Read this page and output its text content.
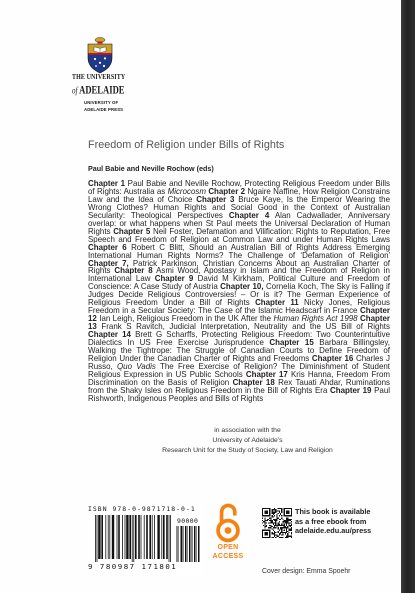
THE UNIVERSITY
of ADELAIDE
UNIVERSITY OF
ADELAIDE PRESS
Freedom of Religion under Bills of Rights
Paul Babie and Neville Rochow (eds)

Chapter 1 Paul Babie and Neville Rochow, Protecting Religious Freedom under Bills of Rights: Australia as Microcosm Chapter 2 Ngaire Naffine, How Religion Constrains Law and the Idea of Choice Chapter 3 Bruce Kaye, Is the Emperor Wearing the Wrong Clothes? Human Rights and Social Good in the Context of Australian Secularity: Theological Perspectives Chapter 4 Alan Cadwallader, Anniversary overlap: or what happens when St Paul meets the Universal Declaration of Human Rights Chapter 5 Neil Foster, Defamation and Vilification: Rights to Reputation, Free Speech and Freedom of Religion at Common Law and under Human Rights Laws Chapter 6 Robert C Blitt, Should an Australian Bill of Rights Address Emerging International Human Rights Norms? The Challenge of ‘Defamation of Religion’ Chapter 7, Patrick Parkinson, Christian Concerns About an Australian Charter of Rights Chapter 8 Asmi Wood, Apostasy in Islam and the Freedom of Religion in International Law Chapter 9 David M Kirkham, Political Culture and Freedom of Conscience: A Case Study of Austria Chapter 10, Cornelia Koch, The Sky is Falling if Judges Decide Religious Controversies! – Or is it? The German Experience of Religious Freedom Under a Bill of Rights Chapter 11 Nicky Jones, Religious Freedom in a Secular Society: The Case of the Islamic Headscarf in France Chapter 12 Ian Leigh, Religious Freedom in the UK After the Human Rights Act 1998 Chapter 13 Frank S Ravitch, Judicial Interpretation, Neutrality and the US Bill of Rights Chapter 14 Brett G Scharffs, Protecting Religious Freedom: Two Counterintuitive Dialectics In US Free Exercise Jurisprudence Chapter 15 Barbara Billingsley, Walking the Tightrope: The Struggle of Canadian Courts to Define Freedom of Religion Under the Canadian Charter of Rights and Freedoms Chapter 16 Charles J Russo, Quo Vadis The Free Exercise of Religion? The Diminishment of Student Religious Expression in US Public Schools Chapter 17 Kris Hanna, Freedom From Discrimination on the Basis of Religion Chapter 18 Rex Tauati Ahdar, Ruminations from the Shaky Isles on Religious Freedom in the Bill of Rights Era Chapter 19 Paul Rishworth, Indigenous Peoples and Bills of Rights

in association with the
University of Adelaide’s
Research Unit for the Study of Society, Law and Religion
ISBN 978-0-9871718-0-1
90000
9 780987 171801
OPEN
ACCESS
This book is available
as a free ebook from
adelaide.edu.au/press
Cover design: Emma Spoehr
